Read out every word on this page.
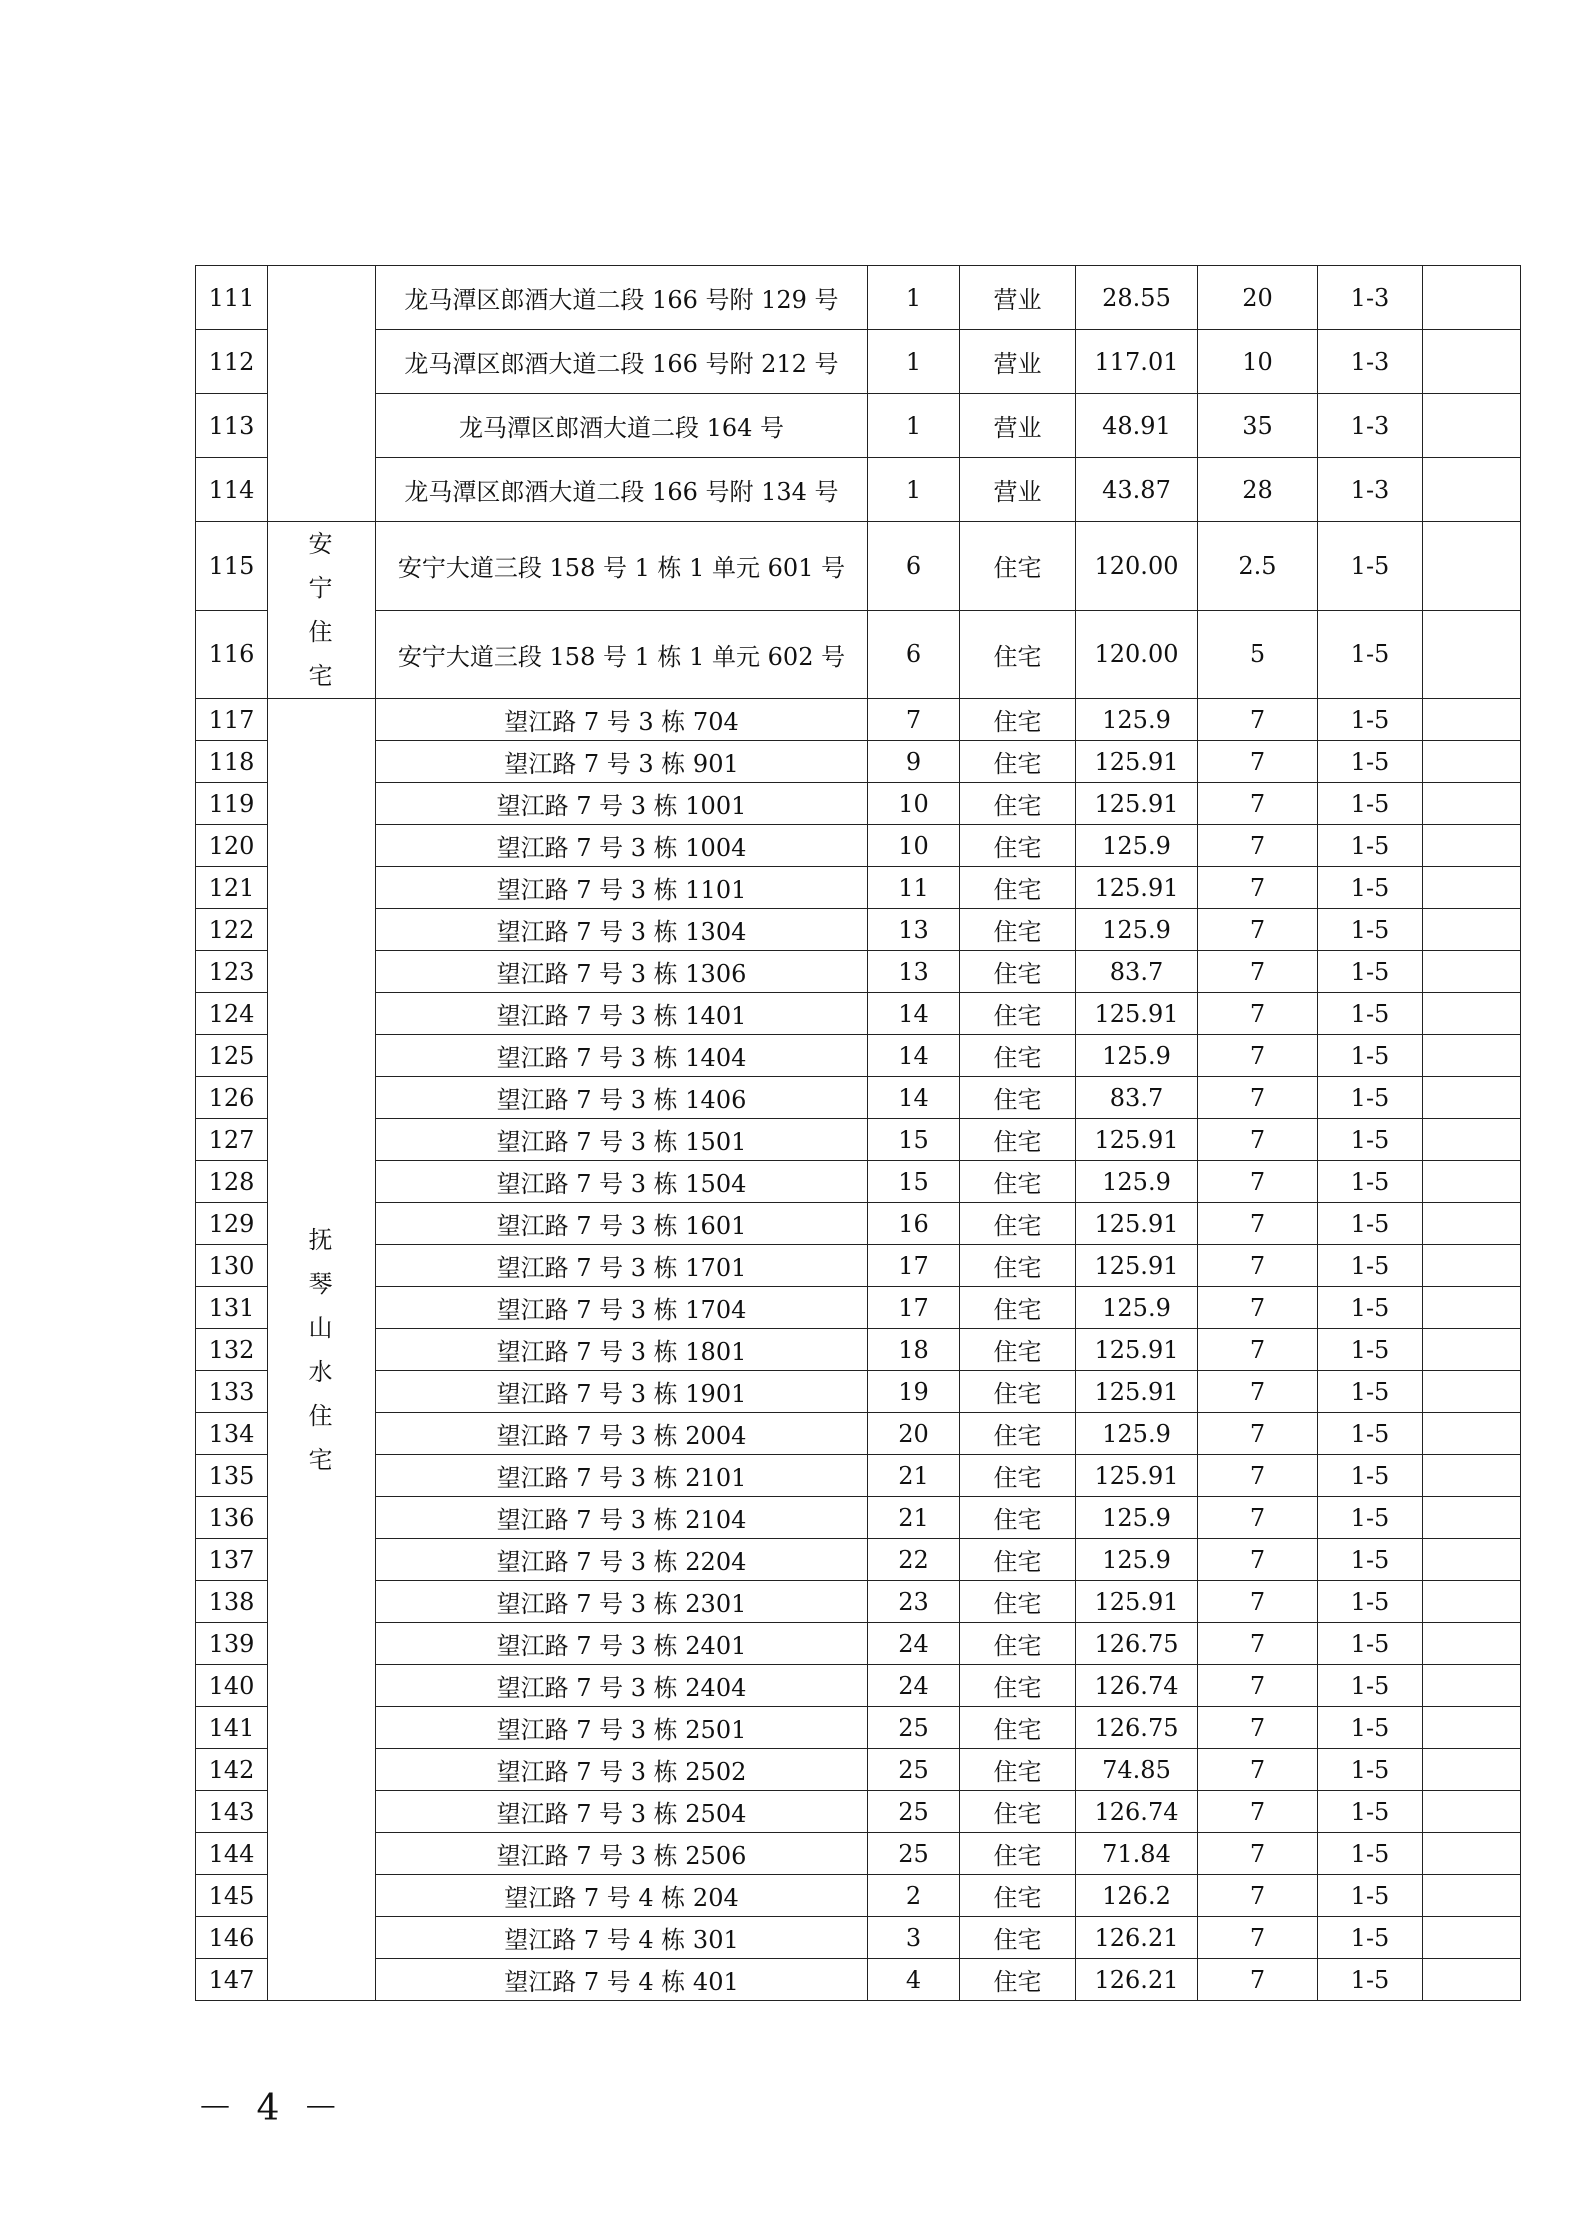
111		龙马潭区郎酒大道二段 166 号附 129 号	1	营业	28.55	20	1-3	
112		龙马潭区郎酒大道二段 166 号附 212 号	1	营业	117.01	10	1-3	
113		龙马潭区郎酒大道二段 164 号	1	营业	48.91	35	1-3	
114		龙马潭区郎酒大道二段 166 号附 134 号	1	营业	43.87	28	1-3	
115	安宁住宅	安宁大道三段 158 号 1 栋 1 单元 601 号	6	住宅	120.00	2.5	1-5	
116		安宁大道三段 158 号 1 栋 1 单元 602 号	6	住宅	120.00	5	1-5	
117	抚琴山水住宅	望江路 7 号 3 栋 704	7	住宅	125.9	7	1-5	
118		望江路 7 号 3 栋 901	9	住宅	125.91	7	1-5	
119		望江路 7 号 3 栋 1001	10	住宅	125.91	7	1-5	
120		望江路 7 号 3 栋 1004	10	住宅	125.9	7	1-5	
121		望江路 7 号 3 栋 1101	11	住宅	125.91	7	1-5	
122		望江路 7 号 3 栋 1304	13	住宅	125.9	7	1-5	
123		望江路 7 号 3 栋 1306	13	住宅	83.7	7	1-5	
124		望江路 7 号 3 栋 1401	14	住宅	125.91	7	1-5	
125		望江路 7 号 3 栋 1404	14	住宅	125.9	7	1-5	
126		望江路 7 号 3 栋 1406	14	住宅	83.7	7	1-5	
127		望江路 7 号 3 栋 1501	15	住宅	125.91	7	1-5	
128		望江路 7 号 3 栋 1504	15	住宅	125.9	7	1-5	
129		望江路 7 号 3 栋 1601	16	住宅	125.91	7	1-5	
130		望江路 7 号 3 栋 1701	17	住宅	125.91	7	1-5	
131		望江路 7 号 3 栋 1704	17	住宅	125.9	7	1-5	
132		望江路 7 号 3 栋 1801	18	住宅	125.91	7	1-5	
133		望江路 7 号 3 栋 1901	19	住宅	125.91	7	1-5	
134		望江路 7 号 3 栋 2004	20	住宅	125.9	7	1-5	
135		望江路 7 号 3 栋 2101	21	住宅	125.91	7	1-5	
136		望江路 7 号 3 栋 2104	21	住宅	125.9	7	1-5	
137		望江路 7 号 3 栋 2204	22	住宅	125.9	7	1-5	
138		望江路 7 号 3 栋 2301	23	住宅	125.91	7	1-5	
139		望江路 7 号 3 栋 2401	24	住宅	126.75	7	1-5	
140		望江路 7 号 3 栋 2404	24	住宅	126.74	7	1-5	
141		望江路 7 号 3 栋 2501	25	住宅	126.75	7	1-5	
142		望江路 7 号 3 栋 2502	25	住宅	74.85	7	1-5	
143		望江路 7 号 3 栋 2504	25	住宅	126.74	7	1-5	
144		望江路 7 号 3 栋 2506	25	住宅	71.84	7	1-5	
145		望江路 7 号 4 栋 204	2	住宅	126.2	7	1-5	
146		望江路 7 号 4 栋 301	3	住宅	126.21	7	1-5	
147		望江路 7 号 4 栋 401	4	住宅	126.21	7	1-5	
－ 4 －
